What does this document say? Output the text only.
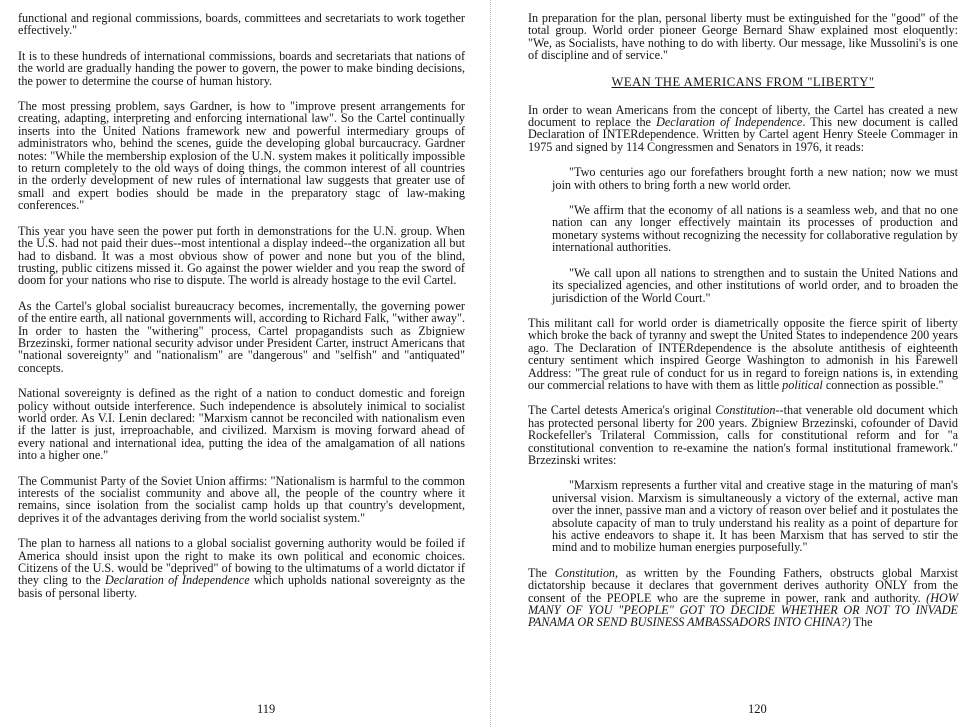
functional and regional commissions, boards, committees and secretariats to work together effectively."

It is to these hundreds of international commissions, boards and secretariats that nations of the world are gradually handing the power to govern, the power to make binding decisions, the power to determine the course of human history.

The most pressing problem, says Gardner, is how to "improve present arrangements for creating, adapting, interpreting and enforcing international law". So the Cartel continually inserts into the United Nations framework new and powerful intermediary groups of administrators who, behind the scenes, guide the developing global burcaucracy. Gardner notes: "While the membership explosion of the U.N. system makes it politically impossible to return completely to the old ways of doing things, the common interest of all countries in the orderly development of new rules of international law suggests that greater use of small and expert bodies should be made in the preparatory stagc of law-making conferences."

This year you have seen the power put forth in demonstrations for the U.N. group. When the U.S. had not paid their dues--most intentional a display indeed--the organization all but had to disband. It was a most obvious show of power and none but you of the blind, trusting, public citizens missed it. Go against the power wielder and you reap the sword of doom for your nations who rise to dispute. The world is already hostage to the evil Cartel.

As the Cartel's global socialist bureaucracy becomes, incrementally, the governing power of the entire earth, all national governments will, according to Richard Falk, "wither away". In order to hasten the "withering" process, Cartel propagandists such as Zbigniew Brzezinski, former national security advisor under President Carter, instruct Americans that "national sovereignty" and "nationalism" are "dangerous" and "selfish" and "antiquated" concepts.

National sovereignty is defined as the right of a nation to conduct domestic and foreign policy without outside interference. Such independence is absolutely inimical to socialist world order. As V.I. Lenin declared: "Marxism cannot be reconciled with nationalism even if the latter is just, irreproachable, and civilized. Marxism is moving forward ahead of every national and international idea, putting the idea of the amalgamation of all nations into a higher one."

The Communist Party of the Soviet Union affirms: "Nationalism is harmful to the common interests of the socialist community and above all, the people of the country where it remains, since isolation from the socialist camp holds up that country's development, deprives it of the advantages deriving from the world socialist system."

The plan to harness all nations to a global socialist governing authority would be foiled if America should insist upon the right to make its own political and economic choices. Citizens of the U.S. would be "deprived" of bowing to the ultimatums of a world dictator if they cling to the Declaration of Independence which upholds national sovereignty as the basis of personal liberty.

119

In preparation for the plan, personal liberty must be extinguished for the "good" of the total group. World order pioneer George Bernard Shaw explained most eloquently: "We, as Socialists, have nothing to do with liberty. Our message, like Mussolini's is one of discipline and of service."

WEAN THE AMERICANS FROM "LIBERTY"

In order to wean Americans from the concept of liberty, the Cartel has created a new document to replace the Declaration of Independence. This new document is called Declaration of INTERdependence. Written by Cartel agent Henry Steele Commager in 1975 and signed by 114 Congressmen and Senators in 1976, it reads:

"Two centuries ago our forefathers brought forth a new nation; now we must join with others to bring forth a new world order.

"We affirm that the economy of all nations is a seamless web, and that no one nation can any longer effectively maintain its processes of production and monetary systems without recognizing the necessity for collaborative regulation by international authorities.

"We call upon all nations to strengthen and to sustain the United Nations and its specialized agencies, and other institutions of world order, and to broaden the jurisdiction of the World Court."

This militant call for world order is diametrically opposite the fierce spirit of liberty which broke the back of tyranny and swept the United States to independence 200 years ago. The Declaration of INTERdependence is the absolute antithesis of eighteenth century sentiment which inspired George Washington to admonish in his Farewell Address: "The great rule of conduct for us in regard to foreign nations is, in extending our commercial relations to have with them as little political connection as possible."

The Cartel detests America's original Constitution--that venerable old document which has protected personal liberty for 200 years. Zbigniew Brzezinski, cofounder of David Rockefeller's Trilateral Commission, calls for constitutional reform and for "a constitutional convention to re-examine the nation's formal institutional framework." Brzezinski writes:

"Marxism represents a further vital and creative stage in the maturing of man's universal vision. Marxism is simultaneously a victory of the external, active man over the inner, passive man and a victory of reason over belief and it postulates the absolute capacity of man to truly understand his reality as a point of departure for his active endeavors to shape it. It has been Marxism that has served to stir the mind and to mobilize human energies purposefully."

The Constitution, as written by the Founding Fathers, obstructs global Marxist dictatorship because it declares that government derives authority ONLY from the consent of the PEOPLE who are the supreme in power, rank and authority. (HOW MANY OF YOU "PEOPLE" GOT TO DECIDE WHETHER OR NOT TO INVADE PANAMA OR SEND BUSINESS AMBASSADORS INTO CHINA?) The

120
